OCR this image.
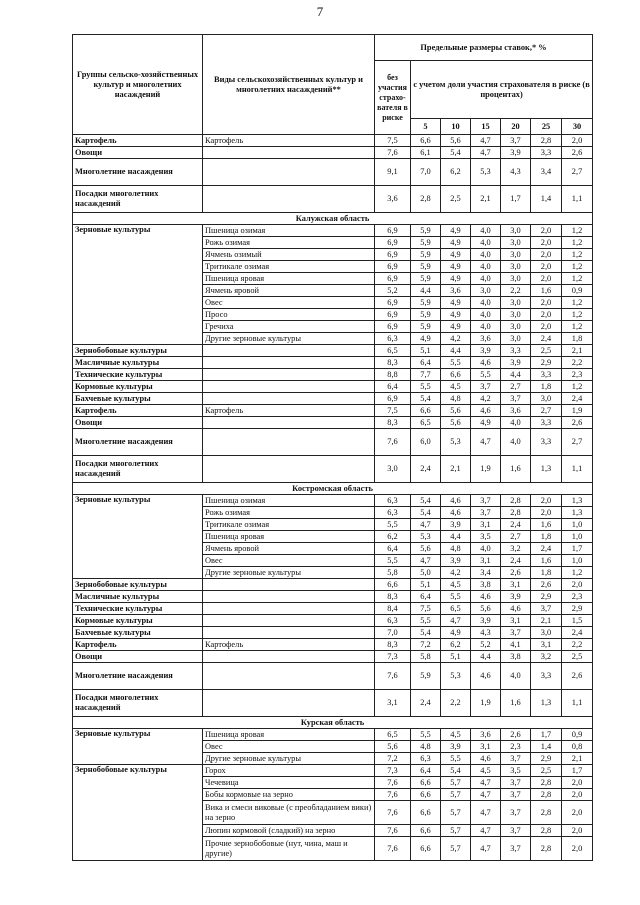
7
Группы сельско-хозяйственных культур и многолетних насаждений	Виды сельскохозяйственных культур и многолетних насаждений**	Предельные размеры ставок,* %						
		без участия страхо-вателя в риске	с учетом доли участия страхователя в риске (в процентах)					
			5	10	15	20	25	30
Картофель	Картофель	7,5	6,6	5,6	4,7	3,7	2,8	2,0
Овощи		7,6	6,1	5,4	4,7	3,9	3,3	2,6
Многолетние насаждения		9,1	7,0	6,2	5,3	4,3	3,4	2,7
Посадки многолетних насаждений		3,6	2,8	2,5	2,1	1,7	1,4	1,1
Калужская область								
Зерновые культуры	Пшеница озимая	6,9	5,9	4,9	4,0	3,0	2,0	1,2
	Рожь озимая	6,9	5,9	4,9	4,0	3,0	2,0	1,2
	Ячмень озимый	6,9	5,9	4,9	4,0	3,0	2,0	1,2
	Тритикале озимая	6,9	5,9	4,9	4,0	3,0	2,0	1,2
	Пшеница яровая	6,9	5,9	4,9	4,0	3,0	2,0	1,2
	Ячмень яровой	5,2	4,4	3,6	3,0	2,2	1,6	0,9
	Овес	6,9	5,9	4,9	4,0	3,0	2,0	1,2
	Просо	6,9	5,9	4,9	4,0	3,0	2,0	1,2
	Гречиха	6,9	5,9	4,9	4,0	3,0	2,0	1,2
	Другие зерновые культуры	6,3	4,9	4,2	3,6	3,0	2,4	1,8
Зернобобовые культуры		6,5	5,1	4,4	3,9	3,3	2,5	2,1
Масличные культуры		8,3	6,4	5,5	4,6	3,9	2,9	2,2
Технические культуры		8,8	7,7	6,6	5,5	4,4	3,3	2,3
Кормовые культуры		6,4	5,5	4,5	3,7	2,7	1,8	1,2
Бахчевые культуры		6,9	5,4	4,8	4,2	3,7	3,0	2,4
Картофель	Картофель	7,5	6,6	5,6	4,6	3,6	2,7	1,9
Овощи		8,3	6,5	5,6	4,9	4,0	3,3	2,6
Многолетние насаждения		7,6	6,0	5,3	4,7	4,0	3,3	2,7
Посадки многолетних насаждений		3,0	2,4	2,1	1,9	1,6	1,3	1,1
Костромская область								
Зерновые культуры	Пшеница озимая	6,3	5,4	4,6	3,7	2,8	2,0	1,3
	Рожь озимая	6,3	5,4	4,6	3,7	2,8	2,0	1,3
	Тритикале озимая	5,5	4,7	3,9	3,1	2,4	1,6	1,0
	Пшеница яровая	6,2	5,3	4,4	3,5	2,7	1,8	1,0
	Ячмень яровой	6,4	5,6	4,8	4,0	3,2	2,4	1,7
	Овес	5,5	4,7	3,9	3,1	2,4	1,6	1,0
	Другие зерновые культуры	5,8	5,0	4,2	3,4	2,6	1,8	1,2
Зернобобовые культуры		6,6	5,1	4,5	3,8	3,1	2,6	2,0
Масличные культуры		8,3	6,4	5,5	4,6	3,9	2,9	2,3
Технические культуры		8,4	7,5	6,5	5,6	4,6	3,7	2,9
Кормовые культуры		6,3	5,5	4,7	3,9	3,1	2,1	1,5
Бахчевые культуры		7,0	5,4	4,9	4,3	3,7	3,0	2,4
Картофель	Картофель	8,3	7,2	6,2	5,2	4,1	3,1	2,2
Овощи		7,3	5,8	5,1	4,4	3,8	3,2	2,5
Многолетние насаждения		7,6	5,9	5,3	4,6	4,0	3,3	2,6
Посадки многолетних насаждений		3,1	2,4	2,2	1,9	1,6	1,3	1,1
Курская область								
Зерновые культуры	Пшеница яровая	6,5	5,5	4,5	3,6	2,6	1,7	0,9
	Овес	5,6	4,8	3,9	3,1	2,3	1,4	0,8
	Другие зерновые культуры	7,2	6,3	5,5	4,6	3,7	2,9	2,1
Зернобобовые культуры	Горох	7,3	6,4	5,4	4,5	3,5	2,5	1,7
	Чечевица	7,6	6,6	5,7	4,7	3,7	2,8	2,0
	Бобы кормовые на зерно	7,6	6,6	5,7	4,7	3,7	2,8	2,0
	Вика и смеси виковые (с преобладанием вики) на зерно	7,6	6,6	5,7	4,7	3,7	2,8	2,0
	Люпин кормовой (сладкий) на зерно	7,6	6,6	5,7	4,7	3,7	2,8	2,0
	Прочие зернобобовые (нут, чина, маш и другие)	7,6	6,6	5,7	4,7	3,7	2,8	2,0
